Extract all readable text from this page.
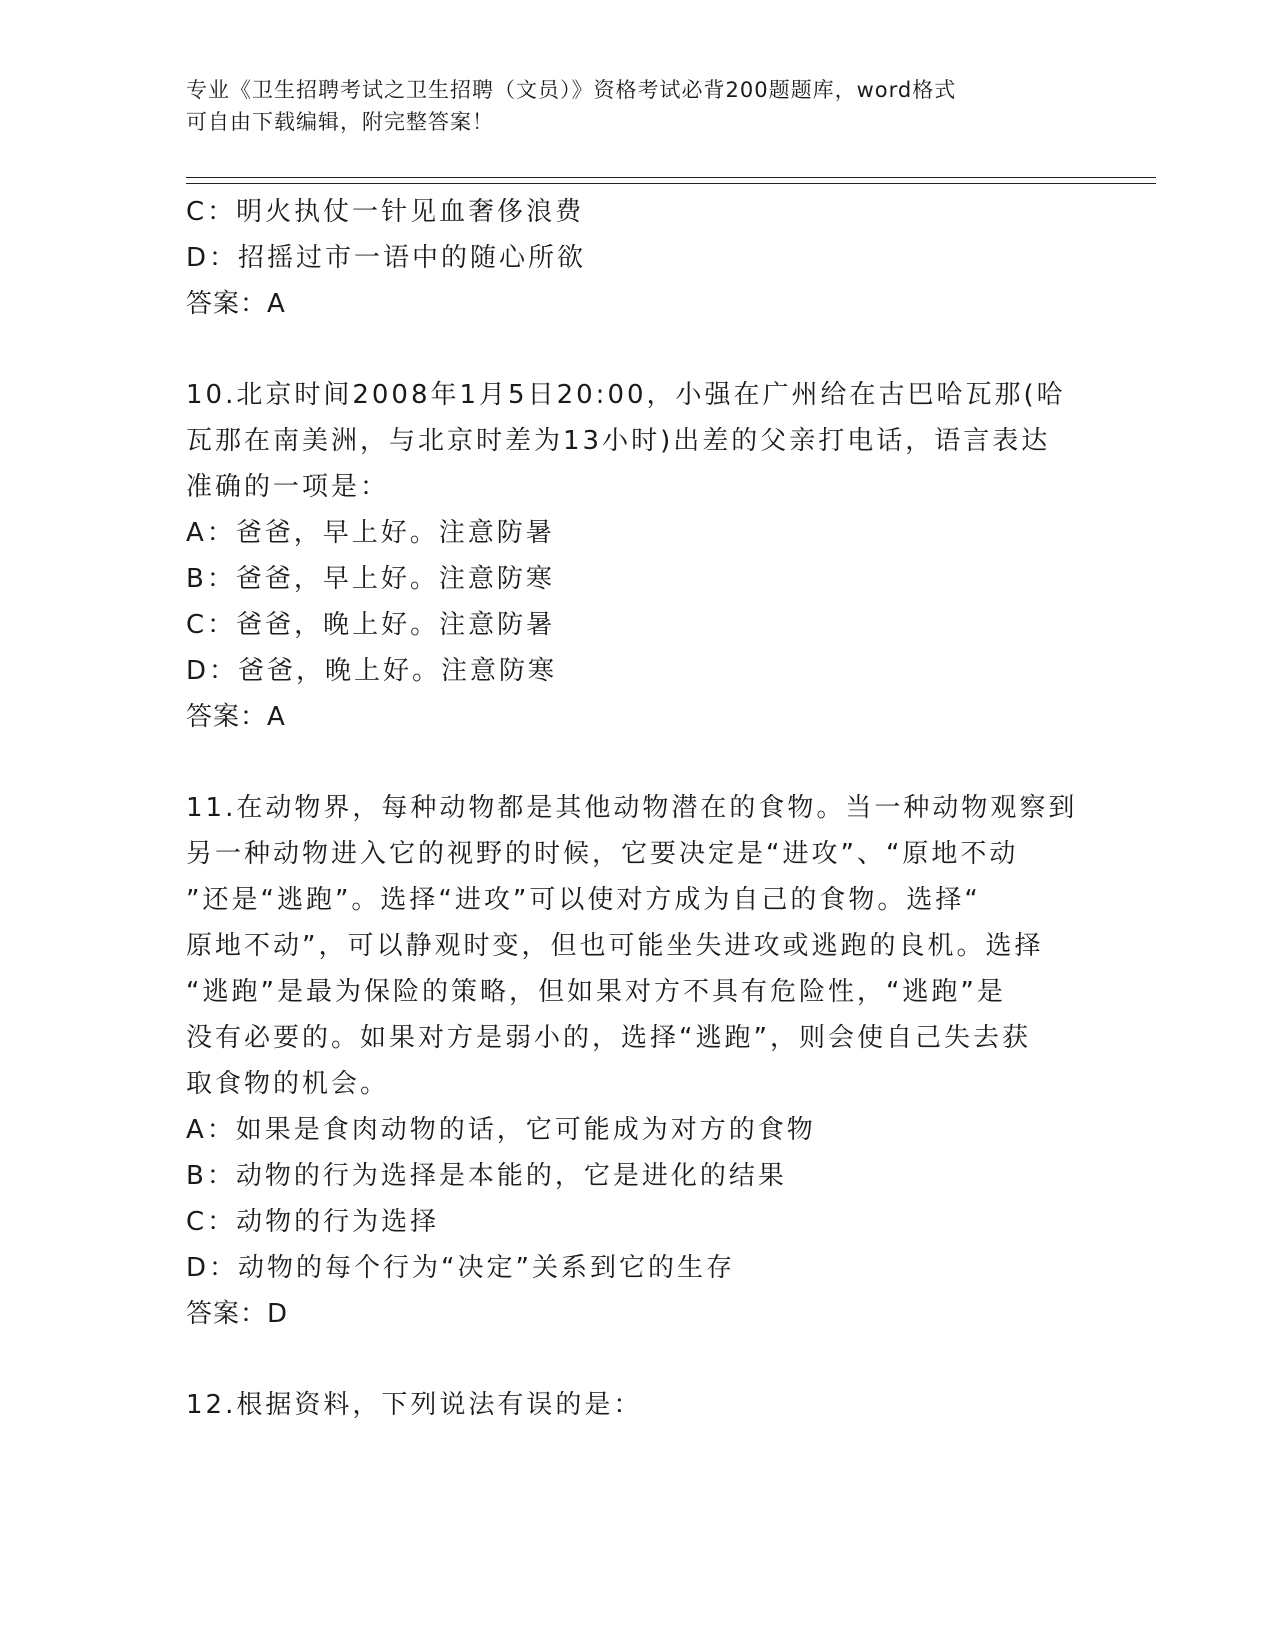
专业《卫生招聘考试之卫生招聘（文员）》资格考试必背200题题库，word格式
可自由下载编辑，附完整答案！

C：明火执仗一针见血奢侈浪费

D：招摇过市一语中的随心所欲

答案：A

10.北京时间2008年1月5日20:00，小强在广州给在古巴哈瓦那(哈

瓦那在南美洲，与北京时差为13小时)出差的父亲打电话，语言表达

准确的一项是：

A：爸爸，早上好。注意防暑

B：爸爸，早上好。注意防寒

C：爸爸，晚上好。注意防暑

D：爸爸，晚上好。注意防寒

答案：A

11.在动物界，每种动物都是其他动物潜在的食物。当一种动物观察到

另一种动物进入它的视野的时候，它要决定是“进攻”、“原地不动

”还是“逃跑”。选择“进攻”可以使对方成为自己的食物。选择“

原地不动”，可以静观时变，但也可能坐失进攻或逃跑的良机。选择

“逃跑”是最为保险的策略，但如果对方不具有危险性，“逃跑”是

没有必要的。如果对方是弱小的，选择“逃跑”，则会使自己失去获

取食物的机会。

A：如果是食肉动物的话，它可能成为对方的食物

B：动物的行为选择是本能的，它是进化的结果

C：动物的行为选择

D：动物的每个行为“决定”关系到它的生存

答案：D

12.根据资料，下列说法有误的是：
